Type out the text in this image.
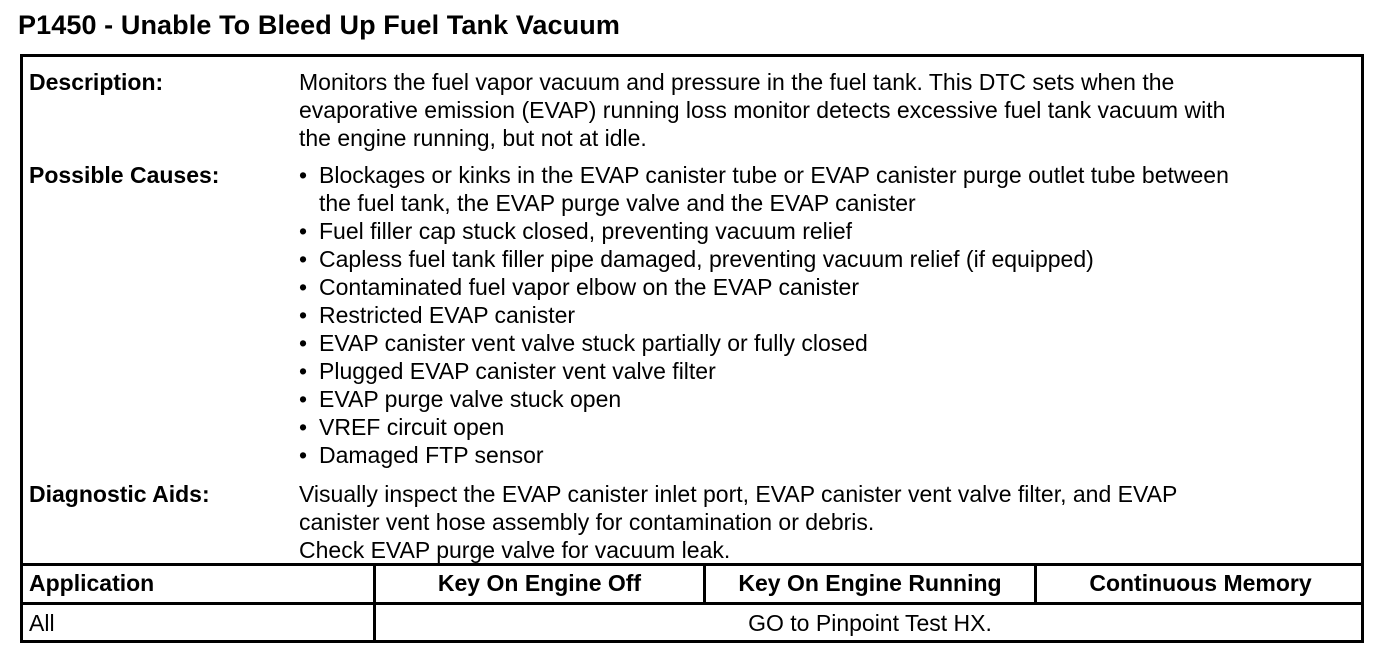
P1450 - Unable To Bleed Up Fuel Tank Vacuum
Description:	Monitors the fuel vapor vacuum and pressure in the fuel tank. This DTC sets when the

evaporative emission (EVAP) running loss monitor detects excessive fuel tank vacuum with

the engine running, but not at idle.

Possible Causes:	• Blockages or kinks in the EVAP canister tube or EVAP canister purge outlet tube between
the fuel tank, the EVAP purge valve and the EVAP canister
• Fuel filler cap stuck closed, preventing vacuum relief
• Capless fuel tank filler pipe damaged, preventing vacuum relief (if equipped)
• Contaminated fuel vapor elbow on the EVAP canister
• Restricted EVAP canister
• EVAP canister vent valve stuck partially or fully closed
• Plugged EVAP canister vent valve filter
• EVAP purge valve stuck open
• VREF circuit open
• Damaged FTP sensor
Diagnostic Aids:	Visually inspect the EVAP canister inlet port, EVAP canister vent valve filter, and EVAP

canister vent hose assembly for contamination or debris.

Check EVAP purge valve for vacuum leak.

Application	Key On Engine Off	Key On Engine Running	Continuous Memory
All	GO to Pinpoint Test HX.
